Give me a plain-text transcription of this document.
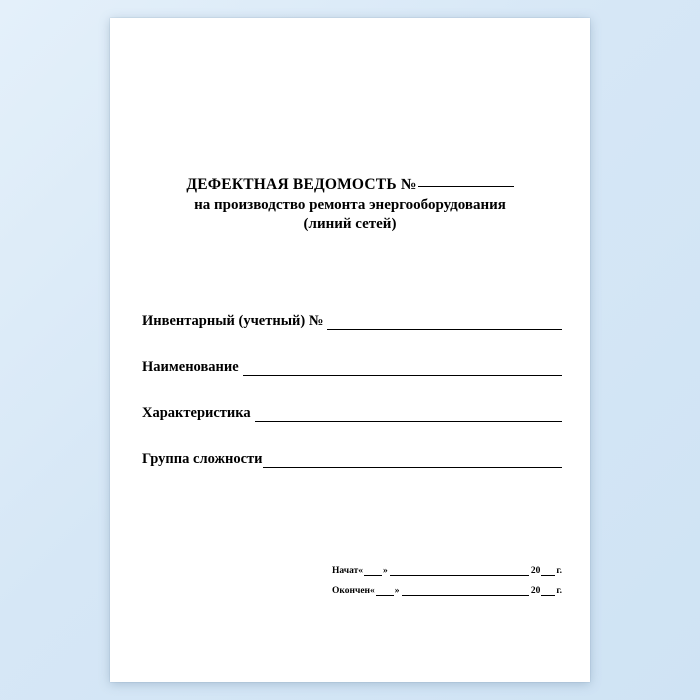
ДЕФЕКТНАЯ ВЕДОМОСТЬ №
на производство ремонта энергооборудования
(линий сетей)
Инвентарный (учетный) №
Наименование
Характеристика
Группа сложности
Начат « »	20 г.
Окончен « »	20 г.
